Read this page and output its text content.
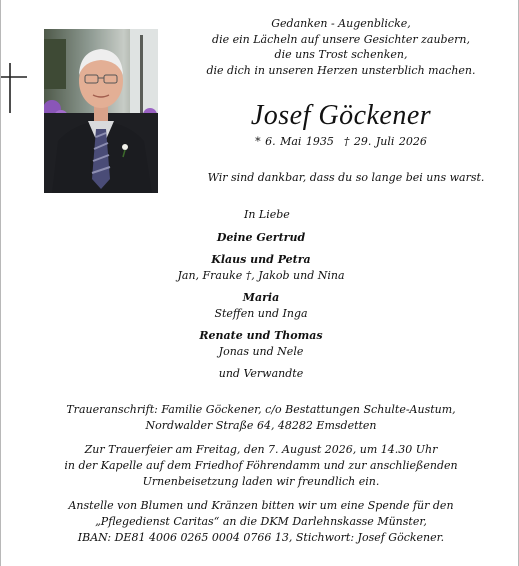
Gedanken - Augenblicke,
die ein Lächeln auf unsere Gesichter zaubern,
die uns Trost schenken,
die dich in unseren Herzen unsterblich machen.
Josef Göckener
* 6. Mai 1935 † 29. Juli 2026
Wir sind dankbar, dass du so lange bei uns warst.
In Liebe
Deine Gertrud
Klaus und Petra
Jan, Frauke †, Jakob und Nina
Maria
Steffen und Inga
Renate und Thomas
Jonas und Nele
und Verwandte
Traueranschrift: Familie Göckener, c/o Bestattungen Schulte-Austum,
Nordwalder Straße 64, 48282 Emsdetten
Zur Trauerfeier am Freitag, den 7. August 2026, um 14.30 Uhr
in der Kapelle auf dem Friedhof Föhrendamm und zur anschließenden
Urnenbeisetzung laden wir freundlich ein.
Anstelle von Blumen und Kränzen bitten wir um eine Spende für den
„Pflegedienst Caritas“ an die DKM Darlehnskasse Münster,
IBAN: DE81 4006 0265 0004 0766 13, Stichwort: Josef Göckener.
